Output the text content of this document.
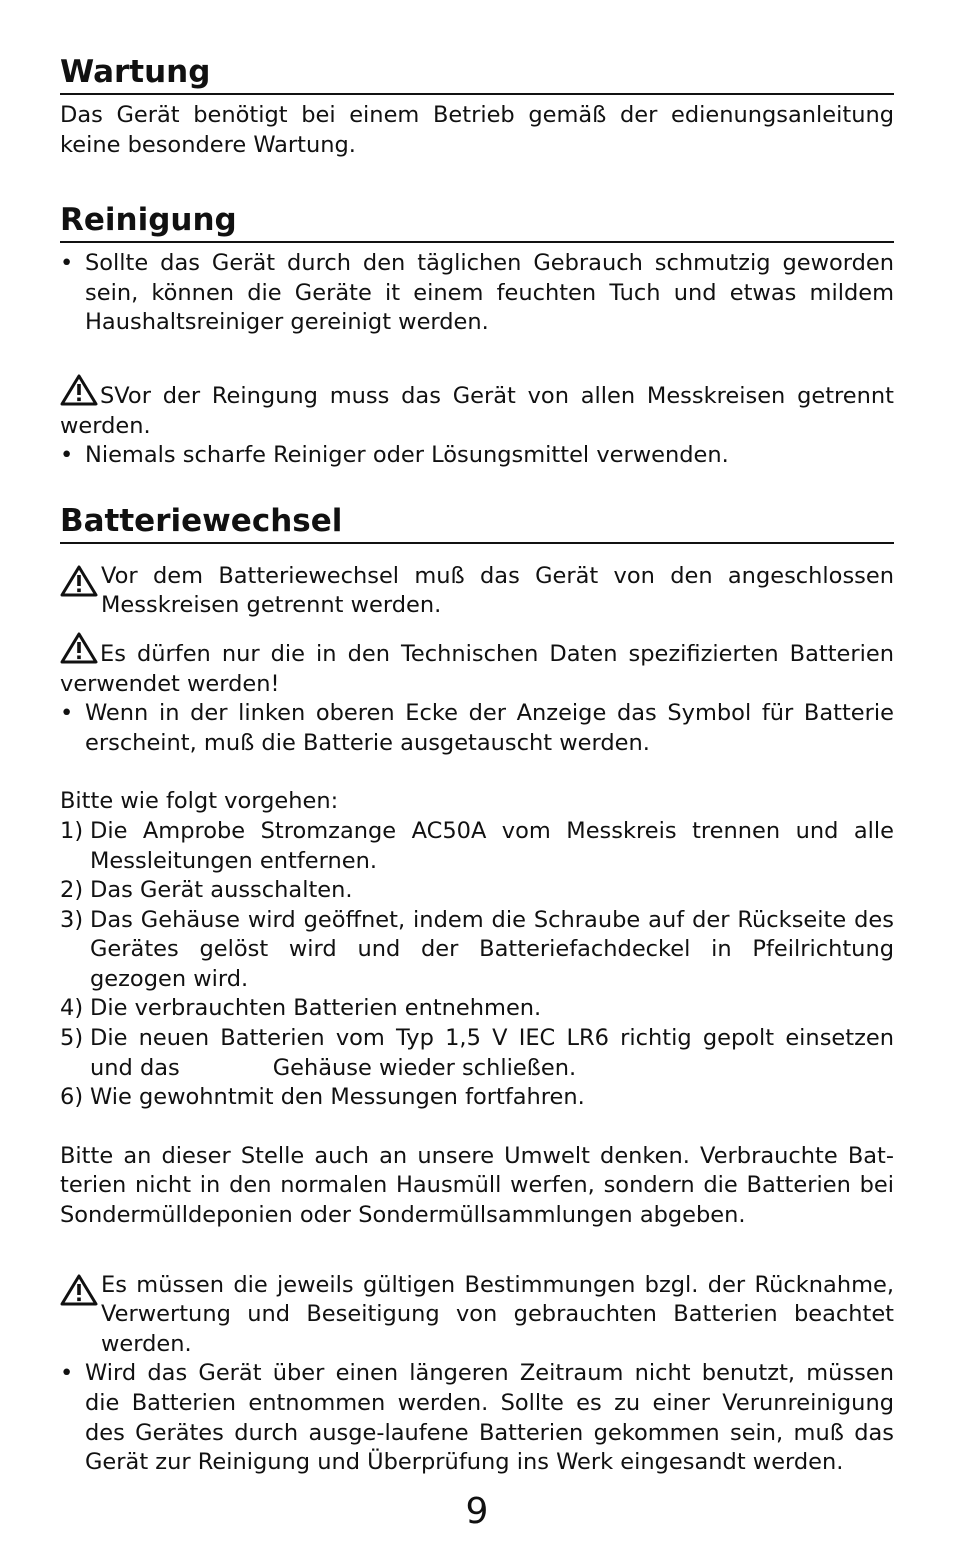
Wartung

Das Gerät benötigt bei einem Betrieb gemäß der edienungsanleitung keine besondere Wartung.

Reinigung
• Sollte das Gerät durch den täglichen Gebrauch schmutzig geworden sein, können die Geräte it einem feuchten Tuch und etwas mildem Haushaltsreiniger gereinigt werden.
SVor der Reingung muss das Gerät von allen Messkreisen getrennt werden.
• Niemals scharfe Reiniger oder Lösungsmittel verwenden.
Batteriewechsel
Vor dem Batteriewechsel muß das Gerät von den angeschlossen Messkreisen getrennt werden.
Es dürfen nur die in den Technischen Daten spezifizierten Batterien verwendet werden!
• Wenn in der linken oberen Ecke der Anzeige das Symbol für Batterie erscheint, muß die Batterie ausgetauscht werden.
Bitte wie folgt vorgehen:
1) Die Amprobe Stromzange AC50A vom Messkreis trennen und alle Messleitungen entfernen.
2) Das Gerät ausschalten.
3) Das Gehäuse wird geöffnet, indem die Schraube auf der Rückseite des Gerätes gelöst wird und der Batteriefachdeckel in Pfeilrichtung gezogen wird.
4) Die verbrauchten Batterien entnehmen.
5) Die neuen Batterien vom Typ 1,5 V IEC LR6 richtig gepolt einsetzen und das             Gehäuse wieder schließen.
6) Wie gewohntmit den Messungen fortfahren.
Bitte an dieser Stelle auch an unsere Umwelt denken. Verbrauchte Bat-terien nicht in den normalen Hausmüll werfen, sondern die Batterien bei Sondermülldeponien oder Sondermüllsammlungen abgeben.
Es müssen die jeweils gültigen Bestimmungen bzgl. der Rücknahme, Verwertung und Beseitigung von gebrauchten Batterien beachtet werden.
• Wird das Gerät über einen längeren Zeitraum nicht benutzt, müssen die Batterien entnommen werden. Sollte es zu einer Verunreinigung des Gerätes durch ausge-laufene Batterien gekommen sein, muß das Gerät zur Reinigung und Überprüfung ins Werk eingesandt werden.
9
